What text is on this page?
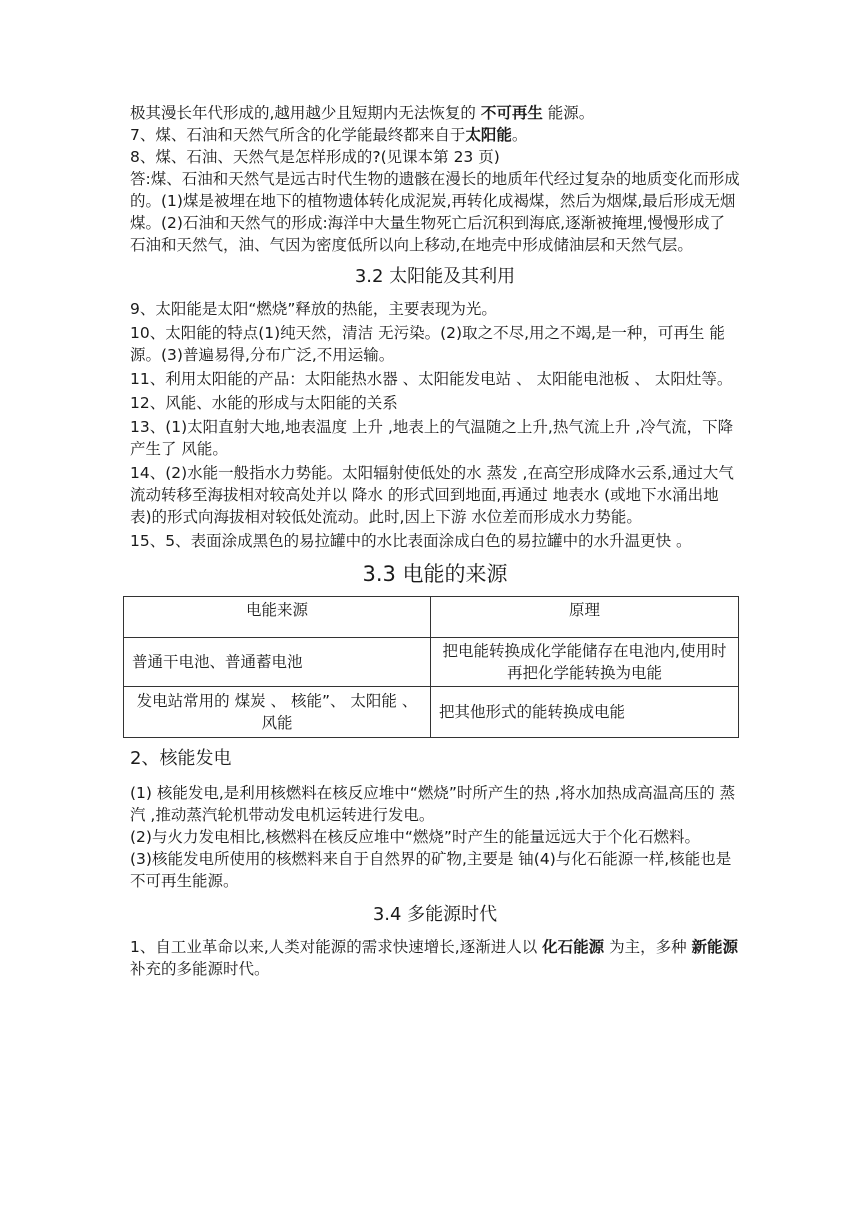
极其漫长年代形成的,越用越少且短期内无法恢复的 不可再生 能源。

7、煤、石油和天然气所含的化学能最终都来自于太阳能。

8、煤、石油、天然气是怎样形成的?(见课本第 23 页)

答:煤、石油和天然气是远古时代生物的遗骸在漫长的地质年代经过复杂的地质变化而形成的。(1)煤是被埋在地下的植物遗体转化成泥炭,再转化成褐煤，然后为烟煤,最后形成无烟煤。(2)石油和天然气的形成:海洋中大量生物死亡后沉积到海底,逐渐被掩埋,慢慢形成了石油和天然气，油、气因为密度低所以向上移动,在地壳中形成储油层和天然气层。

3.2 太阳能及其利用

9、太阳能是太阳“燃烧”释放的热能，主要表现为光。

10、太阳能的特点(1)纯天然，清洁 无污染。(2)取之不尽,用之不竭,是一种，可再生 能源。(3)普遍易得,分布广泛,不用运输。

11、利用太阳能的产品：太阳能热水器 、太阳能发电站 、 太阳能电池板 、 太阳灶等。

12、风能、水能的形成与太阳能的关系

13、(1)太阳直射大地,地表温度 上升 ,地表上的气温随之上升,热气流上升 ,冷气流，下降产生了 风能。

14、(2)水能一般指水力势能。太阳辐射使低处的水 蒸发 ,在高空形成降水云系,通过大气流动转移至海拔相对较高处并以 降水 的形式回到地面,再通过 地表水 (或地下水涌出地表)的形式向海拔相对较低处流动。此时,因上下游 水位差而形成水力势能。

15、5、表面涂成黑色的易拉罐中的水比表面涂成白色的易拉罐中的水升温更快 。

3.3 电能的来源
电能来源	原理
普通干电池、普通蓄电池	把电能转换成化学能储存在电池内,使用时再把化学能转换为电能
发电站常用的 煤炭 、 核能”、 太阳能 、 风能	把其他形式的能转换成电能
2、核能发电

(1) 核能发电,是利用核燃料在核反应堆中“燃烧”时所产生的热 ,将水加热成高温高压的 蒸汽 ,推动蒸汽轮机带动发电机运转进行发电。

(2)与火力发电相比,核燃料在核反应堆中“燃烧”时产生的能量远远大于个化石燃料。

(3)核能发电所使用的核燃料来自于自然界的矿物,主要是 铀(4)与化石能源一样,核能也是不可再生能源。

3.4 多能源时代

1、自工业革命以来,人类对能源的需求快速增长,逐渐进人以 化石能源 为主，多种 新能源补充的多能源时代。
